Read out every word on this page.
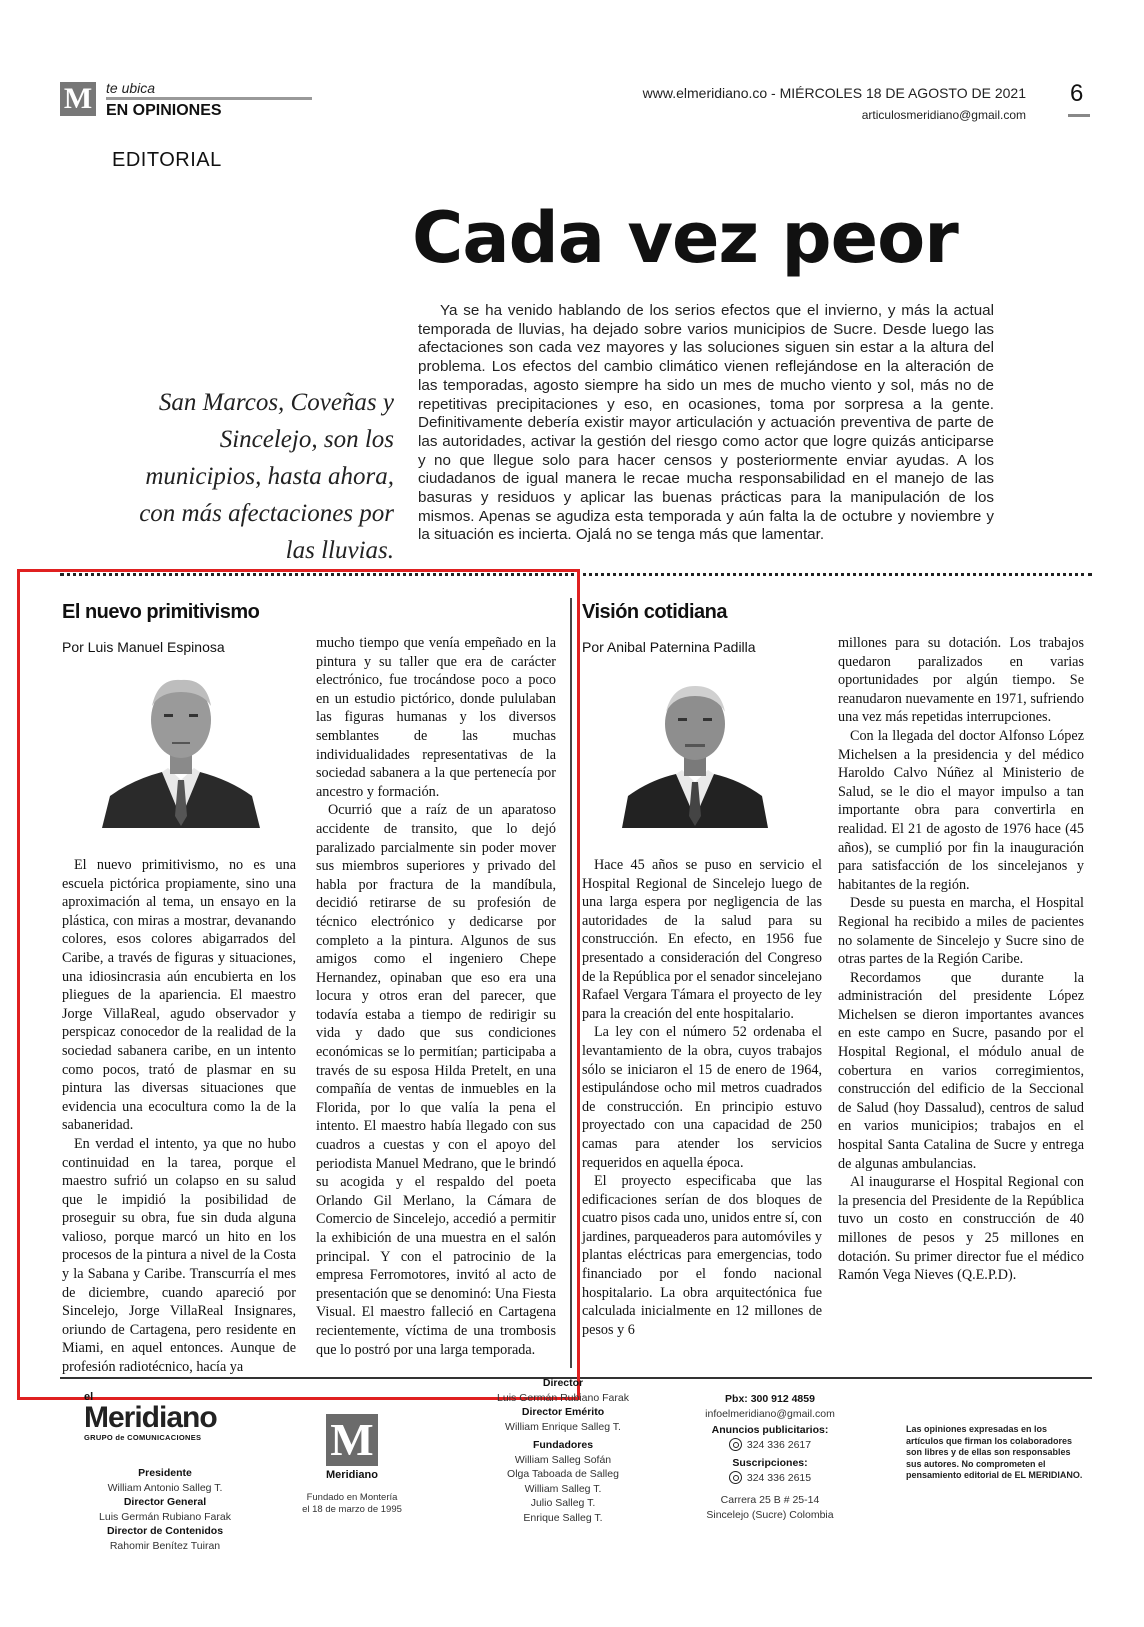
M te ubica
EN OPINIONES
www.elmeridiano.co - MIÉRCOLES 18 DE AGOSTO DE 2021
articulosmeridiano@gmail.com
6
EDITORIAL
Cada vez peor
San Marcos, Coveñas y Sincelejo, son los municipios, hasta ahora, con más afectaciones por las lluvias.

Ya se ha venido hablando de los serios efectos que el invierno, y más la actual temporada de lluvias, ha dejado sobre varios municipios de Sucre. Desde luego las afectaciones son cada vez mayores y las soluciones siguen sin estar a la altura del problema. Los efectos del cambio climático vienen reflejándose en la alteración de las temporadas, agosto siempre ha sido un mes de mucho viento y sol, más no de repetitivas precipitaciones y eso, en ocasiones, toma por sorpresa a la gente. Definitivamente debería existir mayor articulación y actuación preventiva de parte de las autoridades, activar la gestión del riesgo como actor que logre quizás anticiparse y no que llegue solo para hacer censos y posteriormente enviar ayudas. A los ciudadanos de igual manera le recae mucha responsabilidad en el manejo de las basuras y residuos y aplicar las buenas prácticas para la manipulación de los mismos. Apenas se agudiza esta temporada y aún falta la de octubre y noviembre y la situación es incierta. Ojalá no se tenga más que lamentar.

El nuevo primitivismo
Por Luis Manuel Espinosa

El nuevo primitivismo, no es una escuela pictórica propiamente, sino una aproximación al tema, un ensayo en la plástica, con miras a mostrar, devanando colores, esos colores abigarrados del Caribe, a través de figuras y situaciones, una idiosincrasia aún encubierta en los pliegues de la apariencia. El maestro Jorge VillaReal, agudo observador y perspicaz conocedor de la realidad de la sociedad sabanera caribe, en un intento como pocos, trató de plasmar en su pintura las diversas situaciones que evidencia una ecocultura como la de la sabaneridad.

En verdad el intento, ya que no hubo continuidad en la tarea, porque el maestro sufrió un colapso en su salud que le impidió la posibilidad de proseguir su obra, fue sin duda alguna valioso, porque marcó un hito en los procesos de la pintura a nivel de la Costa y la Sabana y Caribe. Transcurría el mes de diciembre, cuando apareció por Sincelejo, Jorge VillaReal Insignares, oriundo de Cartagena, pero residente en Miami, en aquel entonces. Aunque de profesión radiotécnico, hacía ya

mucho tiempo que venía empeñado en la pintura y su taller que era de carácter electrónico, fue trocándose poco a poco en un estudio pictórico, donde pululaban las figuras humanas y los diversos semblantes de las muchas individualidades representativas de la sociedad sabanera a la que pertenecía por ancestro y formación.

Ocurrió que a raíz de un aparatoso accidente de transito, que lo dejó paralizado parcialmente sin poder mover sus miembros superiores y privado del habla por fractura de la mandíbula, decidió retirarse de su profesión de técnico electrónico y dedicarse por completo a la pintura. Algunos de sus amigos como el ingeniero Chepe Hernandez, opinaban que eso era una locura y otros eran del parecer, que todavía estaba a tiempo de redirigir su vida y dado que sus condiciones económicas se lo permitían; participaba a través de su esposa Hilda Pretelt, en una compañía de ventas de inmuebles en la Florida, por lo que valía la pena el intento. El maestro había llegado con sus cuadros a cuestas y con el apoyo del periodista Manuel Medrano, que le brindó su acogida y el respaldo del poeta Orlando Gil Merlano, la Cámara de Comercio de Sincelejo, accedió a permitir la exhibición de una muestra en el salón principal. Y con el patrocinio de la empresa Ferromotores, invitó al acto de presentación que se denominó: Una Fiesta Visual. El maestro falleció en Cartagena recientemente, víctima de una trombosis que lo postró por una larga temporada.

Visión cotidiana
Por Anibal Paternina Padilla

Hace 45 años se puso en servicio el Hospital Regional de Sincelejo luego de una larga espera por negligencia de las autoridades de la salud para su construcción. En efecto, en 1956 fue presentado a consideración del Congreso de la República por el senador sincelejano Rafael Vergara Támara el proyecto de ley para la creación del ente hospitalario.

La ley con el número 52 ordenaba el levantamiento de la obra, cuyos trabajos sólo se iniciaron el 15 de enero de 1964, estipulándose ocho mil metros cuadrados de construcción. En principio estuvo proyectado con una capacidad de 250 camas para atender los servicios requeridos en aquella época.

El proyecto especificaba que las edificaciones serían de dos bloques de cuatro pisos cada uno, unidos entre sí, con jardines, parqueaderos para automóviles y plantas eléctricas para emergencias, todo financiado por el fondo nacional hospitalario. La obra arquitectónica fue calculada inicialmente en 12 millones de pesos y 6

millones para su dotación. Los trabajos quedaron paralizados en varias oportunidades por algún tiempo. Se reanudaron nuevamente en 1971, sufriendo una vez más repetidas interrupciones.

Con la llegada del doctor Alfonso López Michelsen a la presidencia y del médico Haroldo Calvo Núñez al Ministerio de Salud, se le dio el mayor impulso a tan importante obra para convertirla en realidad. El 21 de agosto de 1976 hace (45 años), se cumplió por fin la inauguración para satisfacción de los sincelejanos y habitantes de la región.

Desde su puesta en marcha, el Hospital Regional ha recibido a miles de pacientes no solamente de Sincelejo y Sucre sino de otras partes de la Región Caribe.

Recordamos que durante la administración del presidente López Michelsen se dieron importantes avances en este campo en Sucre, pasando por el Hospital Regional, el módulo anual de cobertura en varios corregimientos, construcción del edificio de la Seccional de Salud (hoy Dassalud), centros de salud en varios municipios; trabajos en el hospital Santa Catalina de Sucre y entrega de algunas ambulancias.

Al inaugurarse el Hospital Regional con la presencia del Presidente de la República tuvo un costo en construcción de 40 millones de pesos y 25 millones en dotación. Su primer director fue el médico Ramón Vega Nieves (Q.E.P.D).

el
Meridiano
GRUPO de COMUNICACIONES
Presidente
William Antonio Salleg T.
Director General
Luis Germán Rubiano Farak
Director de Contenidos
Rahomir Benítez Tuiran
M
Meridiano
Fundado en Montería
el 18 de marzo de 1995
Director
Luis Germán Rubiano Farak
Director Emérito
William Enrique Salleg T.
Fundadores
William Salleg Sofán
Olga Taboada de Salleg
William Salleg T.
Julio Salleg T.
Enrique Salleg T.
Pbx: 300 912 4859
infoelmeridiano@gmail.com
Anuncios publicitarios:
324 336 2617
Suscripciones:
324 336 2615
Carrera 25 B # 25-14
Sincelejo (Sucre) Colombia
Las opiniones expresadas en los artículos que firman los colaboradores son libres y de ellas son responsables sus autores. No comprometen el pensamiento editorial de EL MERIDIANO.
